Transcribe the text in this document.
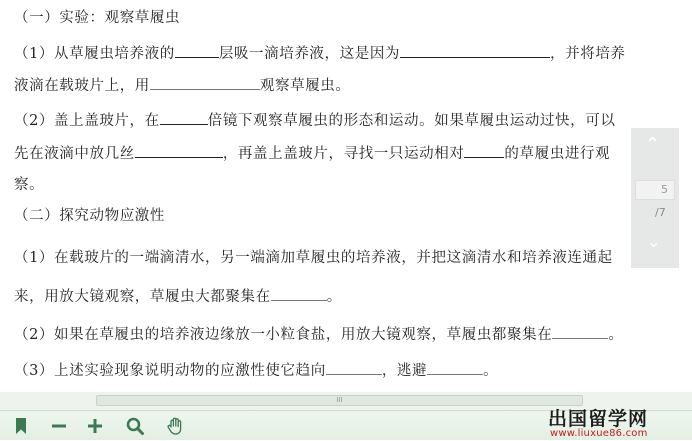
（一）实验：观察草履虫
（1）从草履虫培养液的	层吸一滴培养液，这是因为	，并将培养
液滴在载玻片上，用	观察草履虫。
（2）盖上盖玻片，在	倍镜下观察草履虫的形态和运动。如果草履虫运动过快，可以
先在液滴中放几丝	，再盖上盖玻片，寻找一只运动相对	的草履虫进行观
察。
（二）探究动物应激性
（1）在载玻片的一端滴清水，另一端滴加草履虫的培养液，并把这滴清水和培养液连通起
来，用放大镜观察，草履虫大都聚集在	。
（2）如果在草履虫的培养液边缘放一小粒食盐，用放大镜观察，草履虫都聚集在	。
（3）上述实验现象说明动物的应激性使它趋向	，逃避	。
⌃
5
/7
⌄
III
出国留学网
www.liuxue86.com
